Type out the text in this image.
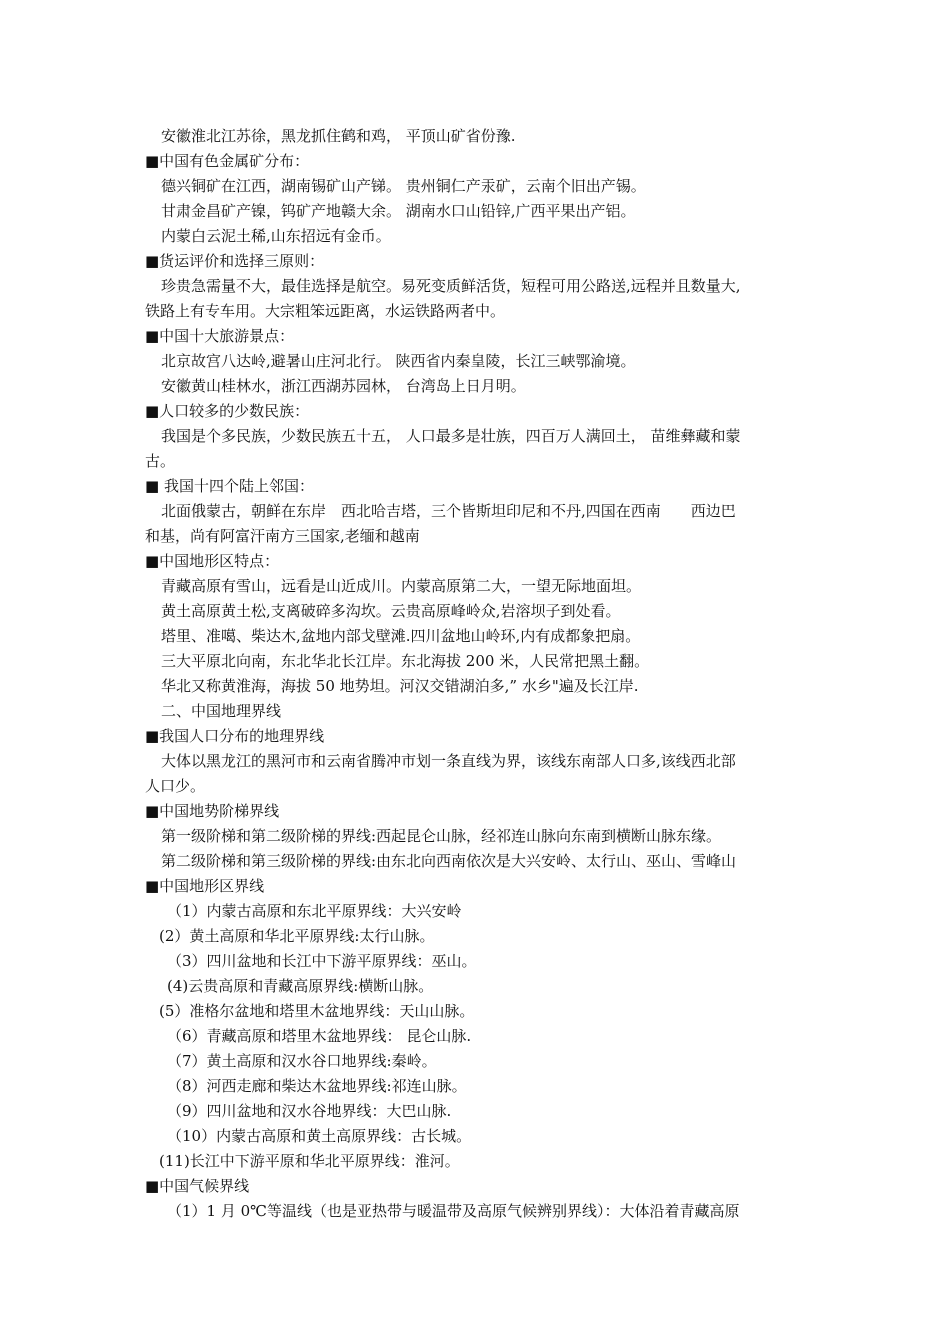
安徽淮北江苏徐，黑龙抓住鹤和鸡， 平顶山矿省份豫.
■中国有色金属矿分布：
德兴铜矿在江西，湖南锡矿山产锑。 贵州铜仁产汞矿，云南个旧出产锡。
甘肃金昌矿产镍，钨矿产地赣大余。 湖南水口山铅锌,广西平果出产铝。
内蒙白云泥土稀,山东招远有金币。
■货运评价和选择三原则：
珍贵急需量不大，最佳选择是航空。易死变质鲜活货，短程可用公路送,远程并且数量大,
铁路上有专车用。大宗粗笨远距离，水运铁路两者中。
■中国十大旅游景点：
北京故宫八达岭,避暑山庄河北行。 陕西省内秦皇陵，长江三峡鄂渝境。
安徽黄山桂林水，浙江西湖苏园林， 台湾岛上日月明。
■人口较多的少数民族：
我国是个多民族，少数民族五十五， 人口最多是壮族，四百万人满回土， 苗维彝藏和蒙
古。
■ 我国十四个陆上邻国：
北面俄蒙古，朝鲜在东岸　西北哈吉塔，三个皆斯坦印尼和不丹,四国在西南　　西边巴
和基，尚有阿富汗南方三国家,老缅和越南
■中国地形区特点：
青藏高原有雪山，远看是山近成川。内蒙高原第二大，一望无际地面坦。
黄土高原黄土松,支离破碎多沟坎。云贵高原峰岭众,岩溶坝子到处看。
塔里、准噶、柴达木,盆地内部戈壁滩.四川盆地山岭环,内有成都象把扇。
三大平原北向南，东北华北长江岸。东北海拔 200 米，人民常把黑土翻。
华北又称黄淮海，海拔 50 地势坦。河汉交错湖泊多,” 水乡"遍及长江岸.
二、中国地理界线
■我国人口分布的地理界线
大体以黑龙江的黑河市和云南省腾冲市划一条直线为界，该线东南部人口多,该线西北部
人口少。
■中国地势阶梯界线
第一级阶梯和第二级阶梯的界线:西起昆仑山脉，经祁连山脉向东南到横断山脉东缘。
第二级阶梯和第三级阶梯的界线:由东北向西南依次是大兴安岭、太行山、巫山、雪峰山
■中国地形区界线
（1）内蒙古高原和东北平原界线：大兴安岭
(2）黄土高原和华北平原界线:太行山脉。
（3）四川盆地和长江中下游平原界线：巫山。
(4)云贵高原和青藏高原界线:横断山脉。
(5）准格尔盆地和塔里木盆地界线：天山山脉。
（6）青藏高原和塔里木盆地界线： 昆仑山脉.
（7）黄土高原和汉水谷口地界线:秦岭。
（8）河西走廊和柴达木盆地界线:祁连山脉。
（9）四川盆地和汉水谷地界线：大巴山脉.
（10）内蒙古高原和黄土高原界线：古长城。
(11)长江中下游平原和华北平原界线：淮河。
■中国气候界线
（1）1 月 0℃等温线（也是亚热带与暖温带及高原气候辨别界线）：大体沿着青藏高原
